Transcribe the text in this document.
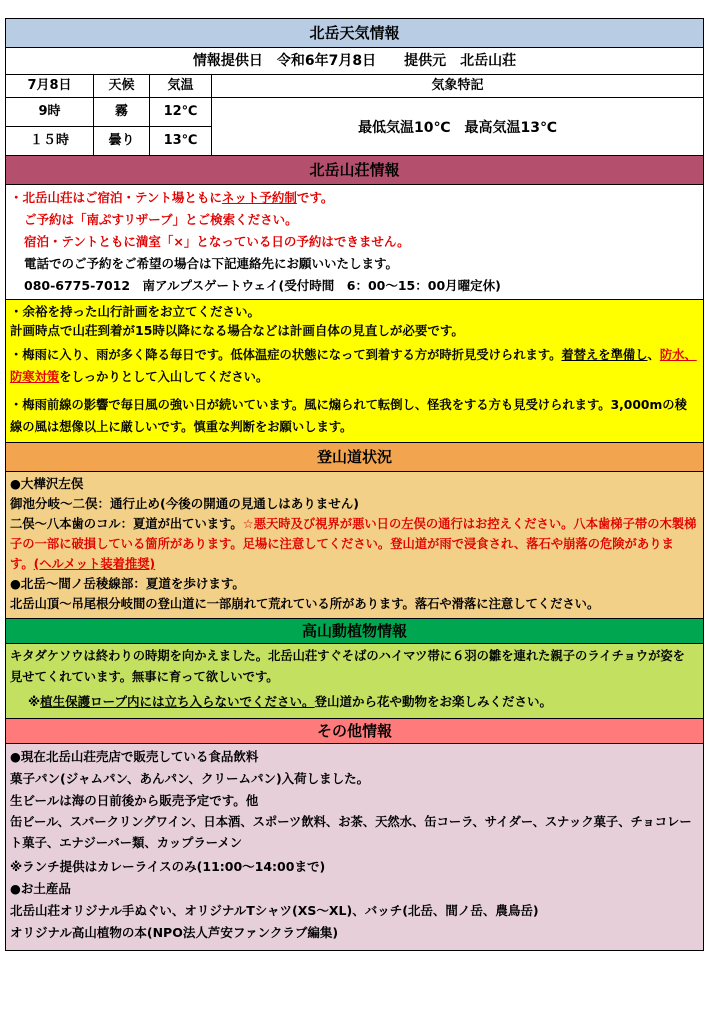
北岳天気情報
情報提供日　令和6年7月8日　　提供元　北岳山荘
7月8日	天候	気温
9時	霧	12℃
１５時	曇り	13℃
気象特記
最低気温10℃　最高気温13℃
北岳山荘情報
・北岳山荘はご宿泊・テント場ともにネット予約制です。
ご予約は「南ぷすリザーブ」とご検索ください。
宿泊・テントともに満室「×」となっている日の予約はできません。
電話でのご予約をご希望の場合は下記連絡先にお願いいたします。
080-6775-7012　南アルプスゲートウェイ(受付時間　6：00～15：00月曜定休)
・余裕を持った山行計画をお立てください。
計画時点で山荘到着が15時以降になる場合などは計画自体の見直しが必要です。
・梅雨に入り、雨が多く降る毎日です。低体温症の状態になって到着する方が時折見受けられます。着替えを準備し、防水、防寒対策をしっかりとして入山してください。
・梅雨前線の影響で毎日風の強い日が続いています。風に煽られて転倒し、怪我をする方も見受けられます。3,000mの稜線の風は想像以上に厳しいです。慎重な判断をお願いします。
登山道状況
●大樺沢左俣
御池分岐～二俣：通行止め(今後の開通の見通しはありません)
二俣～八本歯のコル：夏道が出ています。☆悪天時及び視界が悪い日の左俣の通行はお控えください。八本歯梯子帯の木製梯子の一部に破損している箇所があります。足場に注意してください。登山道が雨で浸食され、落石や崩落の危険があります。(ヘルメット装着推奨)
●北岳～間ノ岳稜線部：夏道を歩けます。
北岳山頂～吊尾根分岐間の登山道に一部崩れて荒れている所があります。落石や滑落に注意してください。
高山動植物情報
キタダケソウは終わりの時期を向かえました。北岳山荘すぐそばのハイマツ帯に６羽の雛を連れた親子のライチョウが姿を見せてくれています。無事に育って欲しいです。
※植生保護ロープ内には立ち入らないでください。登山道から花や動物をお楽しみください。
その他情報
●現在北岳山荘売店で販売している食品飲料
菓子パン(ジャムパン、あんパン、クリームパン)入荷しました。
生ビールは海の日前後から販売予定です。他
缶ビール、スパークリングワイン、日本酒、スポーツ飲料、お茶、天然水、缶コーラ、サイダー、スナック菓子、チョコレート菓子、エナジーバー類、カップラーメン
※ランチ提供はカレーライスのみ(11:00～14:00まで)
●お土産品
北岳山荘オリジナル手ぬぐい、オリジナルTシャツ(XS～XL)、バッチ(北岳、間ノ岳、農鳥岳)
オリジナル高山植物の本(NPO法人芦安ファンクラブ編集)
